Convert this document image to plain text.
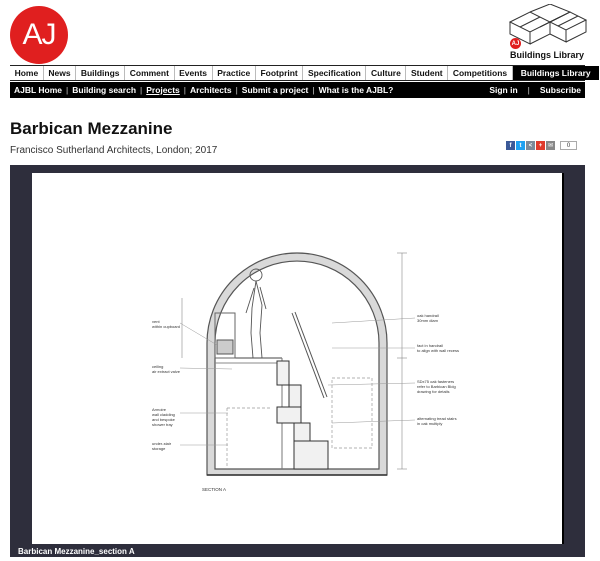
AJ	AJ
Buildings Library
Home	News	Buildings	Comment	Events	Practice	Footprint	Specification	Culture	Student	Competitions	Buildings Library
AJBL Home | Building search | Projects | Architects | Submit a project | What is the AJBL?	Sign in | Subscribe
Barbican Mezzanine
Francisco Sutherland Architects, London; 2017	f	t	<	+ ✉	0
vent
within cupboard
ceiling
air extract valve
Armoire
wall cladding
and bespoke
shower tray
under-stair
storage
oak handrail
30mm diam
fact in handrail
to align with wall recess
SDx75 oak fasteners
refer to Barbican Bldg
drawing for details
alternating tread stairs
in oak multiply
SECTION A
Barbican Mezzanine_section A
